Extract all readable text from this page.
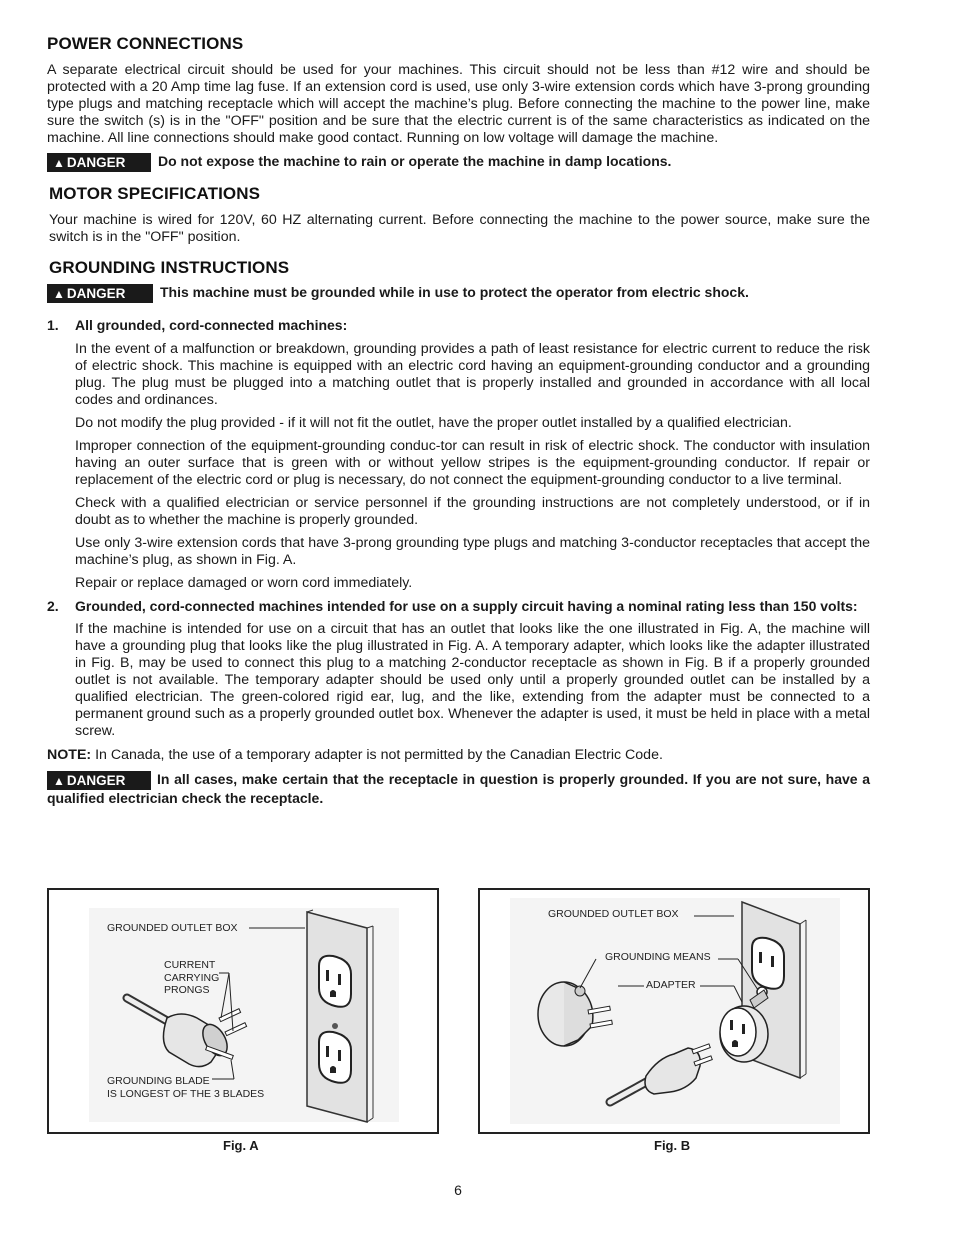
POWER CONNECTIONS

A separate electrical circuit should be used for your machines. This circuit should not be less than #12 wire and should be protected with a 20 Amp time lag fuse. If an extension cord is used, use only 3-wire extension cords which have 3-prong grounding type plugs and matching receptacle which will accept the machine’s plug. Before connecting the machine to the power line, make sure the switch (s) is in the "OFF" position and be sure that the electric current is of the same characteristics as indicated on the machine. All line connections should make good contact. Running on low voltage will damage the machine.

▲ DANGER Do not expose the machine to rain or operate the machine in damp locations.
MOTOR SPECIFICATIONS

Your machine is wired for 120V, 60 HZ alternating current. Before connecting the machine to the power source, make sure the switch is in the "OFF" position.

GROUNDING INSTRUCTIONS
▲ DANGER This machine must be grounded while in use to protect the operator from electric shock.
1.	All grounded, cord-connected machines:

In the event of a malfunction or breakdown, grounding provides a path of least resistance for electric current to reduce the risk of electric shock. This machine is equipped with an electric cord having an equipment-grounding conductor and a grounding plug. The plug must be plugged into a matching outlet that is properly installed and grounded in accordance with all local codes and ordinances.

Do not modify the plug provided - if it will not fit the outlet, have the proper outlet installed by a qualified electrician.

Improper connection of the equipment-grounding conduc-tor can result in risk of electric shock. The conductor with insulation having an outer surface that is green with or without yellow stripes is the equipment-grounding conductor. If repair or replacement of the electric cord or plug is necessary, do not connect the equipment-grounding conductor to a live terminal.

Check with a qualified electrician or service personnel if the grounding instructions are not completely understood, or if in doubt as to whether the machine is properly grounded.

Use only 3-wire extension cords that have 3-prong grounding type plugs and matching 3-conductor receptacles that accept the machine’s plug, as shown in Fig. A.

Repair or replace damaged or worn cord immediately.

2.	Grounded, cord-connected machines intended for use on a supply circuit having a nominal rating less than 150 volts:

If the machine is intended for use on a circuit that has an outlet that looks like the one illustrated in Fig. A, the machine will have a grounding plug that looks like the plug illustrated in Fig. A. A temporary adapter, which looks like the adapter illustrated in Fig. B, may be used to connect this plug to a matching 2-conductor receptacle as shown in Fig. B if a properly grounded outlet is not available. The temporary adapter should be used only until a properly grounded outlet can be installed by a qualified electrician. The green-colored rigid ear, lug, and the like, extending from the adapter must be connected to a permanent ground such as a properly grounded outlet box. Whenever the adapter is used, it must be held in place with a metal screw.

NOTE: In Canada, the use of a temporary adapter is not permitted by the Canadian Electric Code.

▲ DANGER In all cases, make certain that the receptacle in question is properly grounded. If you are not sure, have a qualified electrician check the receptacle.
GROUNDED OUTLET BOX
CURRENT
CARRYING
PRONGS
GROUNDING BLADE
IS LONGEST OF THE 3 BLADES
Fig. A
GROUNDED OUTLET BOX
GROUNDING MEANS
ADAPTER
Fig. B
6
